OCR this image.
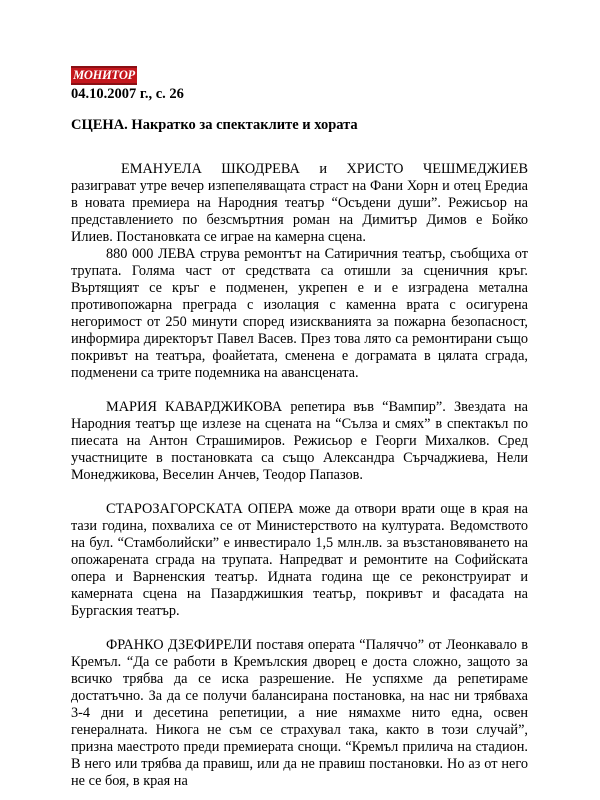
МОНИТОР
04.10.2007 г., с. 26
СЦЕНА. Накратко за спектаклите и хората

ЕМАНУЕЛА ШКОДРЕВА и ХРИСТО ЧЕШМЕДЖИЕВ разиграват утре вечер изпепеляващата страст на Фани Хорн и отец Ередиа в новата премиера на Народния театър “Осъдени души”. Режисьор на представлението по безсмъртния роман на Димитър Димов е Бойко Илиев. Постановката се играе на камерна сцена.

880 000 ЛЕВА струва ремонтът на Сатиричния театър, съобщиха от трупата. Голяма част от средствата са отишли за сценичния кръг. Въртящият се кръг е подменен, укрепен е и е изградена метална противопожарна преграда с изолация с каменна врата с осигурена негоримост от 250 минути според изискванията за пожарна безопасност, информира директорът Павел Васев. През това лято са ремонтирани също покривът на театъра, фоайетата, сменена е дограмата в цялата сграда, подменени са трите подемника на авансцената.

МАРИЯ КАВАРДЖИКОВА репетира във “Вампир”. Звездата на Народния театър ще излезе на сцената на “Сълза и смях” в спектакъл по пиесата на Антон Страшимиров. Режисьор е Георги Михалков. Сред участниците в постановката са също Александра Сърчаджиева, Нели Монеджикова, Веселин Анчев, Теодор Папазов.

СТАРОЗАГОРСКАТА ОПЕРА може да отвори врати още в края на тази година, похвалиха се от Министерството на културата. Ведомството на бул. “Стамболийски” е инвестирало 1,5 млн.лв. за възстановяването на опожарената сграда на трупата. Напредват и ремонтите на Софийската опера и Варненския театър. Идната година ще се реконструират и камерната сцена на Пазарджишкия театър, покривът и фасадата на Бургаския театър.

ФРАНКО ДЗЕФИРЕЛИ поставя операта “Паляччо” от Леонкавало в Кремъл. “Да се работи в Кремълския дворец е доста сложно, защото за всичко трябва да се иска разрешение. Не успяхме да репетираме достатъчно. За да се получи балансирана постановка, на нас ни трябваха 3-4 дни и десетина репетиции, а ние нямахме нито една, освен генералната. Никога не съм се страхувал така, както в този случай”, призна маестрото преди премиерата снощи. “Кремъл прилича на стадион. В него или трябва да правиш, или да не правиш постановки. Но аз от него не се боя, в края на
